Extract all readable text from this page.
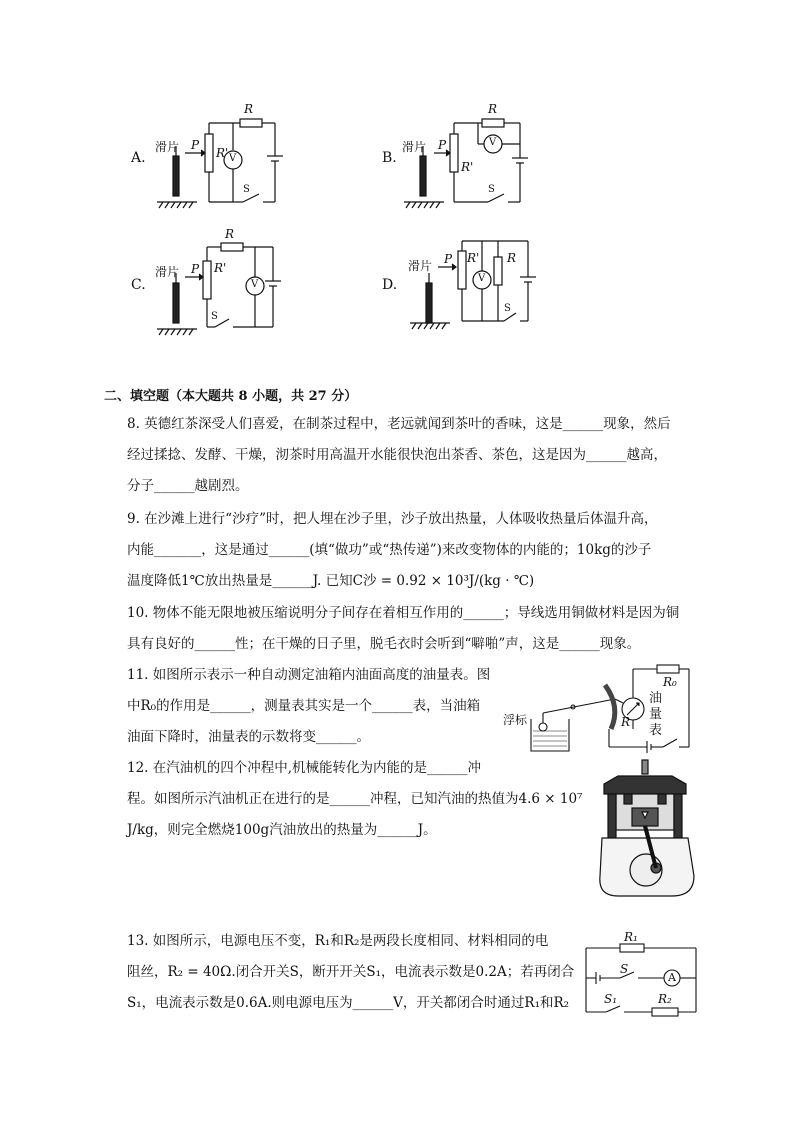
A.
滑片 P
R'
R
S
V	B.
滑片 P
R'
R
S
V
C.
滑片 P R'
R
S
V	D.
滑片 P R' R
S
V
二、填空题（本大题共 8 小题，共 27 分）
8. 英德红茶深受人们喜爱，在制茶过程中，老远就闻到茶叶的香味，这是______现象，然后
经过揉捻、发酵、干燥，沏茶时用高温开水能很快泡出茶香、茶色，这是因为______越高，
分子______越剧烈。
9. 在沙滩上进行“沙疗”时，把人埋在沙子里，沙子放出热量，人体吸收热量后体温升高，
内能_______，这是通过______(填“做功”或“热传递”)来改变物体的内能的；10kg的沙子
温度降低1℃放出热量是______J. 已知C沙 = 0.92 × 10³J/(kg · ℃)
10. 物体不能无限地被压缩说明分子间存在着相互作用的______；导线选用铜做材料是因为铜
具有良好的______性；在干燥的日子里，脱毛衣时会听到“噼啪”声，这是______现象。
11. 如图所示表示一种自动测定油箱内油面高度的油量表。图
中R₀的作用是______，测量表其实是一个______表，当油箱
油面下降时，油量表的示数将变______。
浮标
R₀
R
油
量
表
12. 在汽油机的四个冲程中,机械能转化为内能的是______冲
程。如图所示汽油机正在进行的是______冲程，已知汽油的热值为4.6 × 10⁷
J/kg，则完全燃烧100g汽油放出的热量为______J。
13. 如图所示，电源电压不变，R₁和R₂是两段长度相同、材料相同的电
阻丝，R₂ = 40Ω.闭合开关S，断开开关S₁，电流表示数是0.2A；若再闭合
S₁，电流表示数是0.6A.则电源电压为______V，开关都闭合时通过R₁和R₂
R₁
S
A
S₁	R₂
